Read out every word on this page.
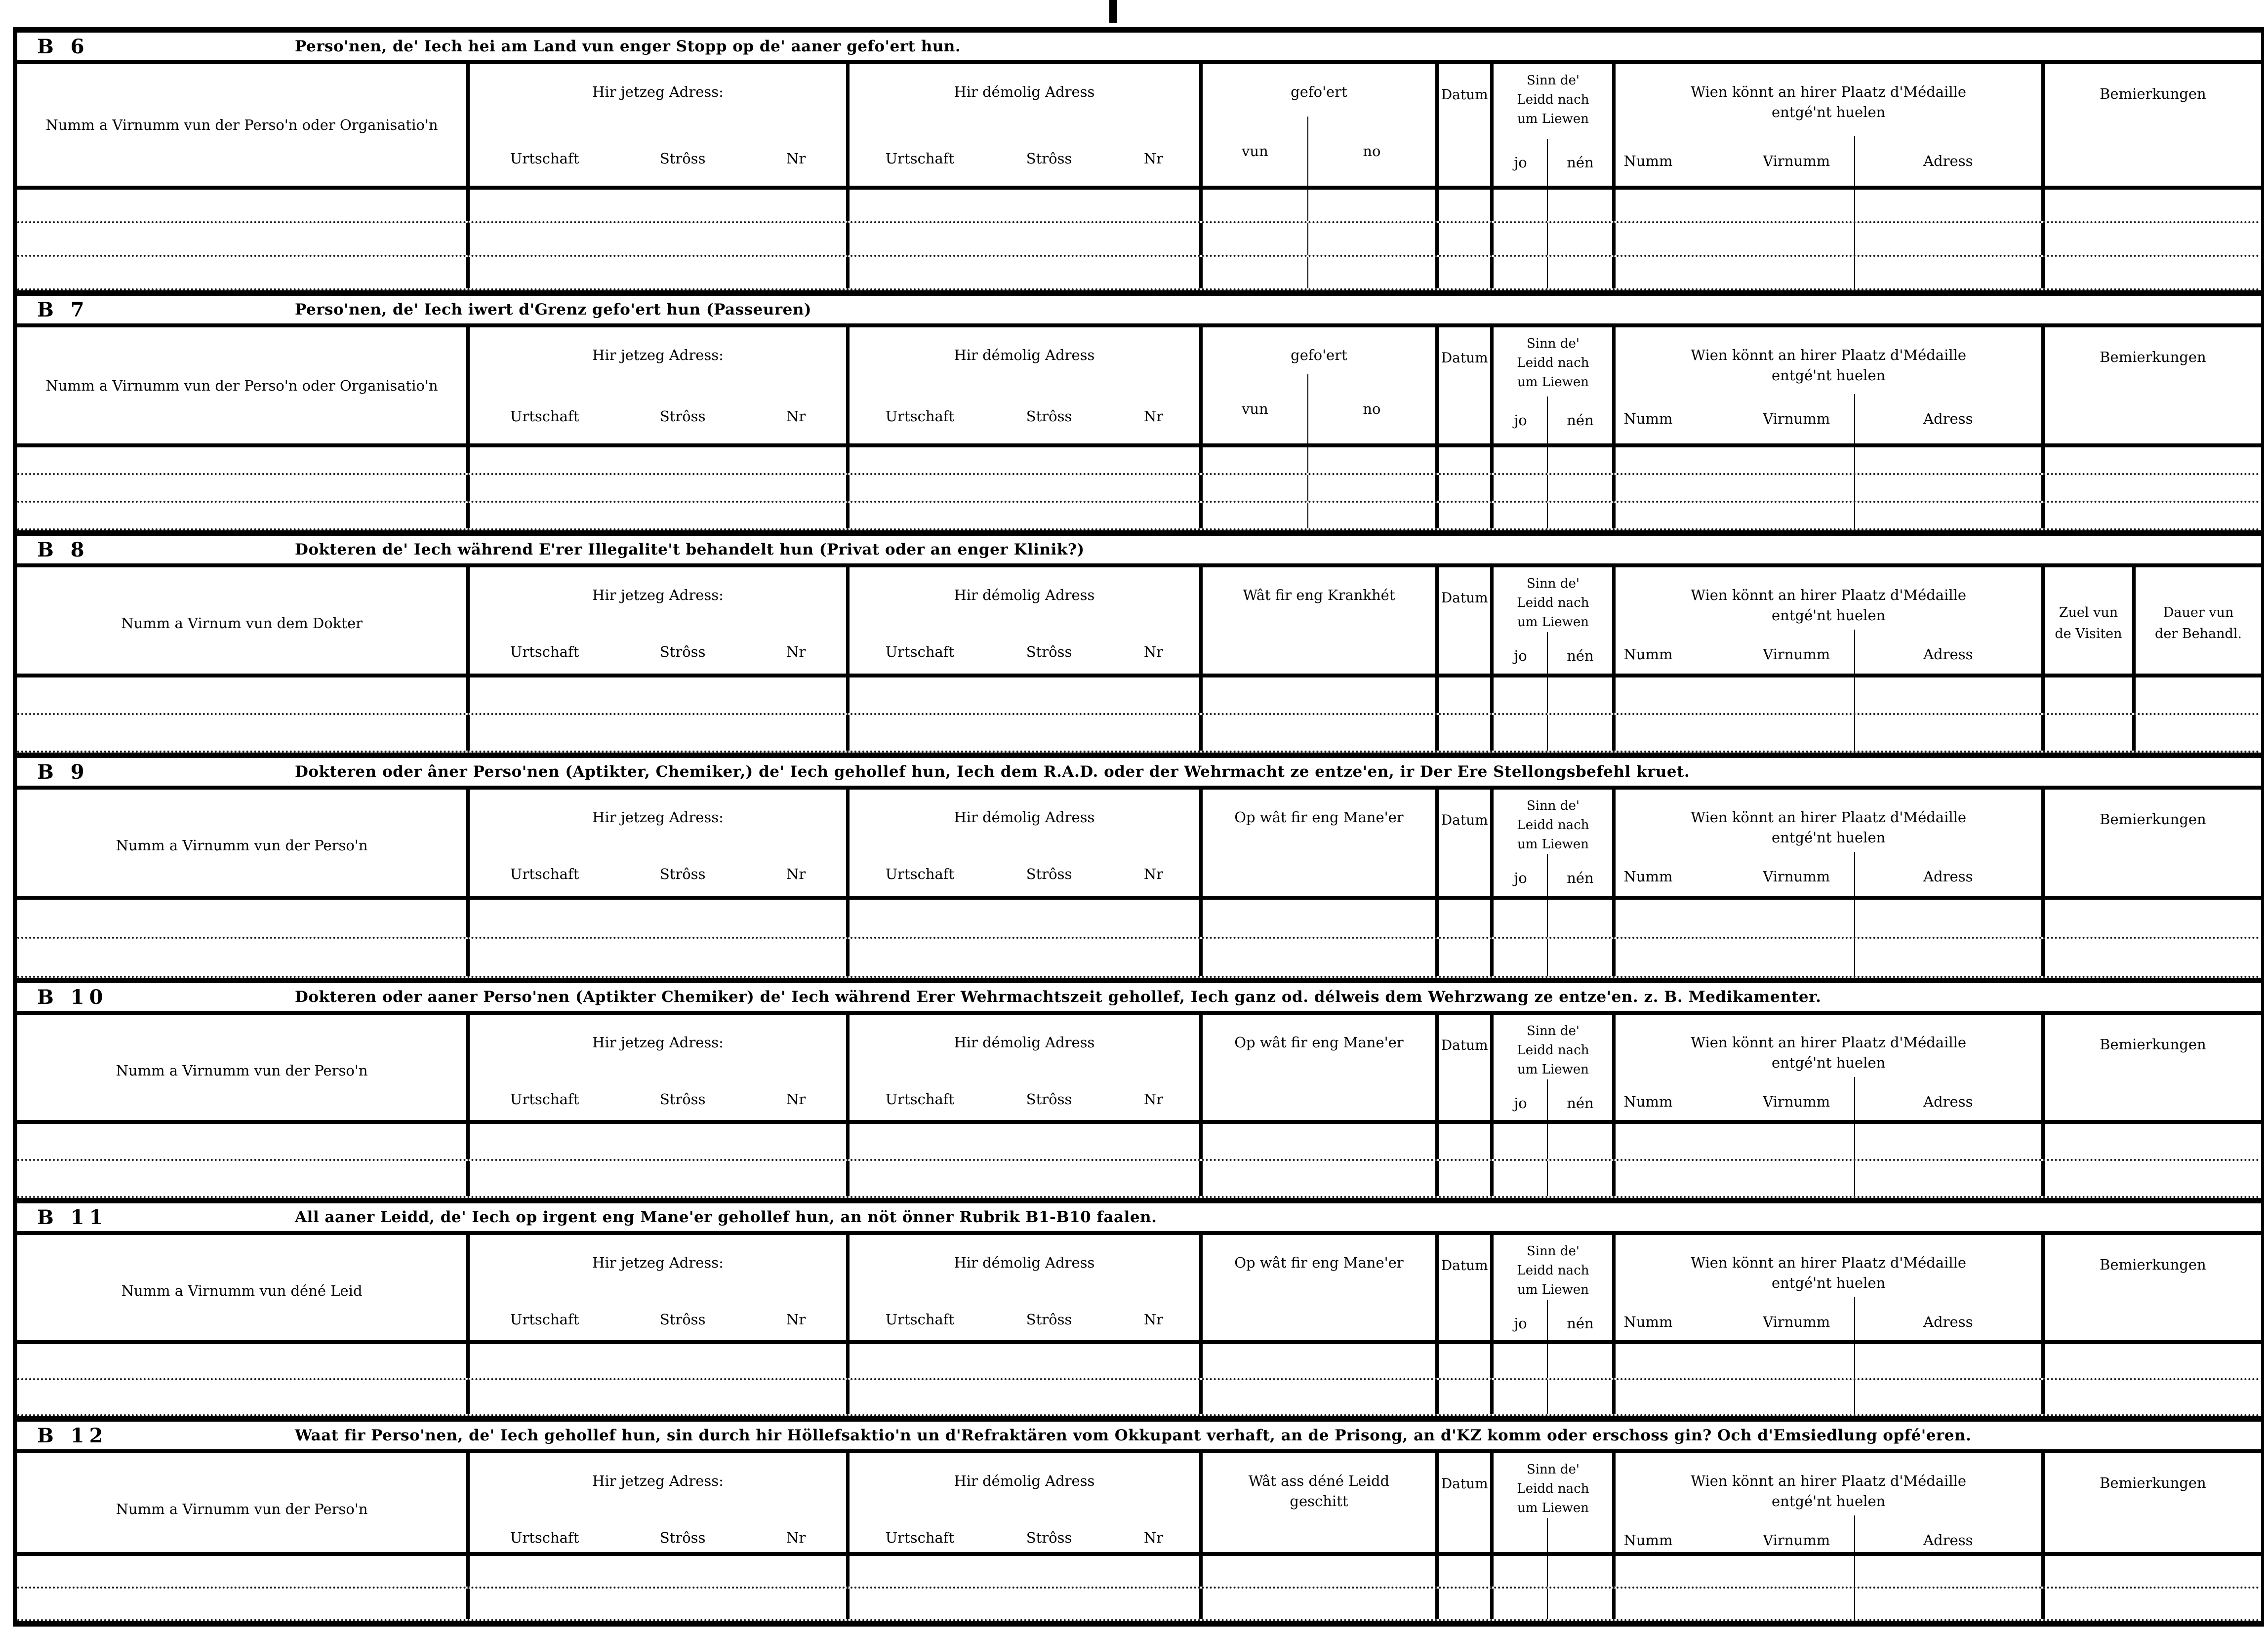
B 6	Perso'nen, de' Iech hei am Land vun enger Stopp op de' aaner gefo'ert hun.
Numm a Virnumm vun der Perso'n oder Organisatio'n
Hir jetzeg Adress:
Urtschaft	Strôss	Nr
Hir démolig Adress
Urtschaft	Strôss	Nr
gefo'ert
vun	no
Datum
Sinn de'
Leidd nach
um Liewen
jo	nén
Wien könnt an hirer Plaatz d'Médaille
entgé'nt huelen
Numm	Virnumm	Adress
Bemierkungen
B 7	Perso'nen, de' Iech iwert d'Grenz gefo'ert hun (Passeuren)
Numm a Virnumm vun der Perso'n oder Organisatio'n
Hir jetzeg Adress:
Urtschaft	Strôss	Nr
Hir démolig Adress
Urtschaft	Strôss	Nr
gefo'ert
vun	no
Datum
Sinn de'
Leidd nach
um Liewen
jo	nén
Wien könnt an hirer Plaatz d'Médaille
entgé'nt huelen
Numm	Virnumm	Adress
Bemierkungen
B 8	Dokteren de' Iech während E'rer Illegalite't behandelt hun (Privat oder an enger Klinik?)
Numm a Virnum vun dem Dokter
Hir jetzeg Adress:
Urtschaft	Strôss	Nr
Hir démolig Adress
Urtschaft	Strôss	Nr
Wât fir eng Krankhét	Datum
Sinn de'
Leidd nach
um Liewen
jo	nén
Wien könnt an hirer Plaatz d'Médaille
entgé'nt huelen
Numm	Virnumm	Adress
Zuel vun
de Visiten
Dauer vun
der Behandl.
B 9	Dokteren oder âner Perso'nen (Aptikter, Chemiker,) de' Iech gehollef hun, Iech dem R.A.D. oder der Wehrmacht ze entze'en, ir Der Ere Stellongsbefehl kruet.
Numm a Virnumm vun der Perso'n
Hir jetzeg Adress:
Urtschaft	Strôss	Nr
Hir démolig Adress
Urtschaft	Strôss	Nr
Op wât fir eng Mane'er	Datum
Sinn de'
Leidd nach
um Liewen
jo	nén
Wien könnt an hirer Plaatz d'Médaille
entgé'nt huelen
Numm	Virnumm	Adress
Bemierkungen
B 10	Dokteren oder aaner Perso'nen (Aptikter Chemiker) de' Iech während Erer Wehrmachtszeit gehollef, Iech ganz od. délweis dem Wehrzwang ze entze'en. z. B. Medikamenter.
Numm a Virnumm vun der Perso'n
Hir jetzeg Adress:
Urtschaft	Strôss	Nr
Hir démolig Adress
Urtschaft	Strôss	Nr
Op wât fir eng Mane'er	Datum
Sinn de'
Leidd nach
um Liewen
jo	nén
Wien könnt an hirer Plaatz d'Médaille
entgé'nt huelen
Numm	Virnumm	Adress
Bemierkungen
B 11	All aaner Leidd, de' Iech op irgent eng Mane'er gehollef hun, an nöt önner Rubrik B1-B10 faalen.
Numm a Virnumm vun déné Leid
Hir jetzeg Adress:
Urtschaft	Strôss	Nr
Hir démolig Adress
Urtschaft	Strôss	Nr
Op wât fir eng Mane'er	Datum
Sinn de'
Leidd nach
um Liewen
jo	nén
Wien könnt an hirer Plaatz d'Médaille
entgé'nt huelen
Numm	Virnumm	Adress
Bemierkungen
B 12	Waat fir Perso'nen, de' Iech gehollef hun, sin durch hir Höllefsaktio'n un d'Refraktären vom Okkupant verhaft, an de Prisong, an d'KZ komm oder erschoss gin? Och d'Emsiedlung opfé'eren.
Numm a Virnumm vun der Perso'n
Hir jetzeg Adress:
Urtschaft	Strôss	Nr
Hir démolig Adress
Urtschaft	Strôss	Nr
Wât ass déné Leidd
geschitt
Datum
Sinn de'
Leidd nach
um Liewen
Wien könnt an hirer Plaatz d'Médaille
entgé'nt huelen
Numm	Virnumm	Adress
Bemierkungen
